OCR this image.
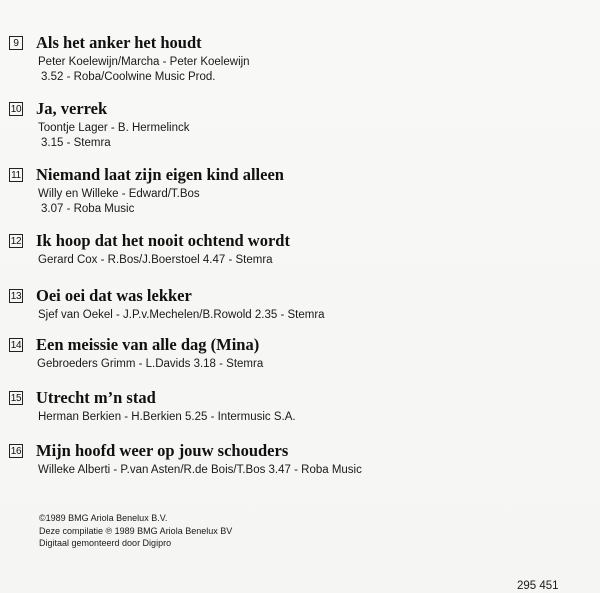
9 Als het anker het houdt
Peter Koelewijn/Marcha - Peter Koelewijn
3.52 - Roba/Coolwine Music Prod.
10 Ja, verrek
Toontje Lager - B. Hermelinck
3.15 - Stemra
11 Niemand laat zijn eigen kind alleen
Willy en Willeke - Edward/T.Bos
3.07 - Roba Music
12 Ik hoop dat het nooit ochtend wordt
Gerard Cox - R.Bos/J.Boerstoel 4.47 - Stemra
13 Oei oei dat was lekker
Sjef van Oekel - J.P.v.Mechelen/B.Rowold 2.35 - Stemra
14 Een meissie van alle dag (Mina)
Gebroeders Grimm - L.Davids 3.18 - Stemra
15 Utrecht m’n stad
Herman Berkien - H.Berkien 5.25 - Intermusic S.A.
16 Mijn hoofd weer op jouw schouders
Willeke Alberti - P.van Asten/R.de Bois/T.Bos 3.47 - Roba Music
©1989 BMG Ariola Benelux B.V.
Deze compilatie ℗ 1989 BMG Ariola Benelux BV
Digitaal gemonteerd door Digipro
295 451
